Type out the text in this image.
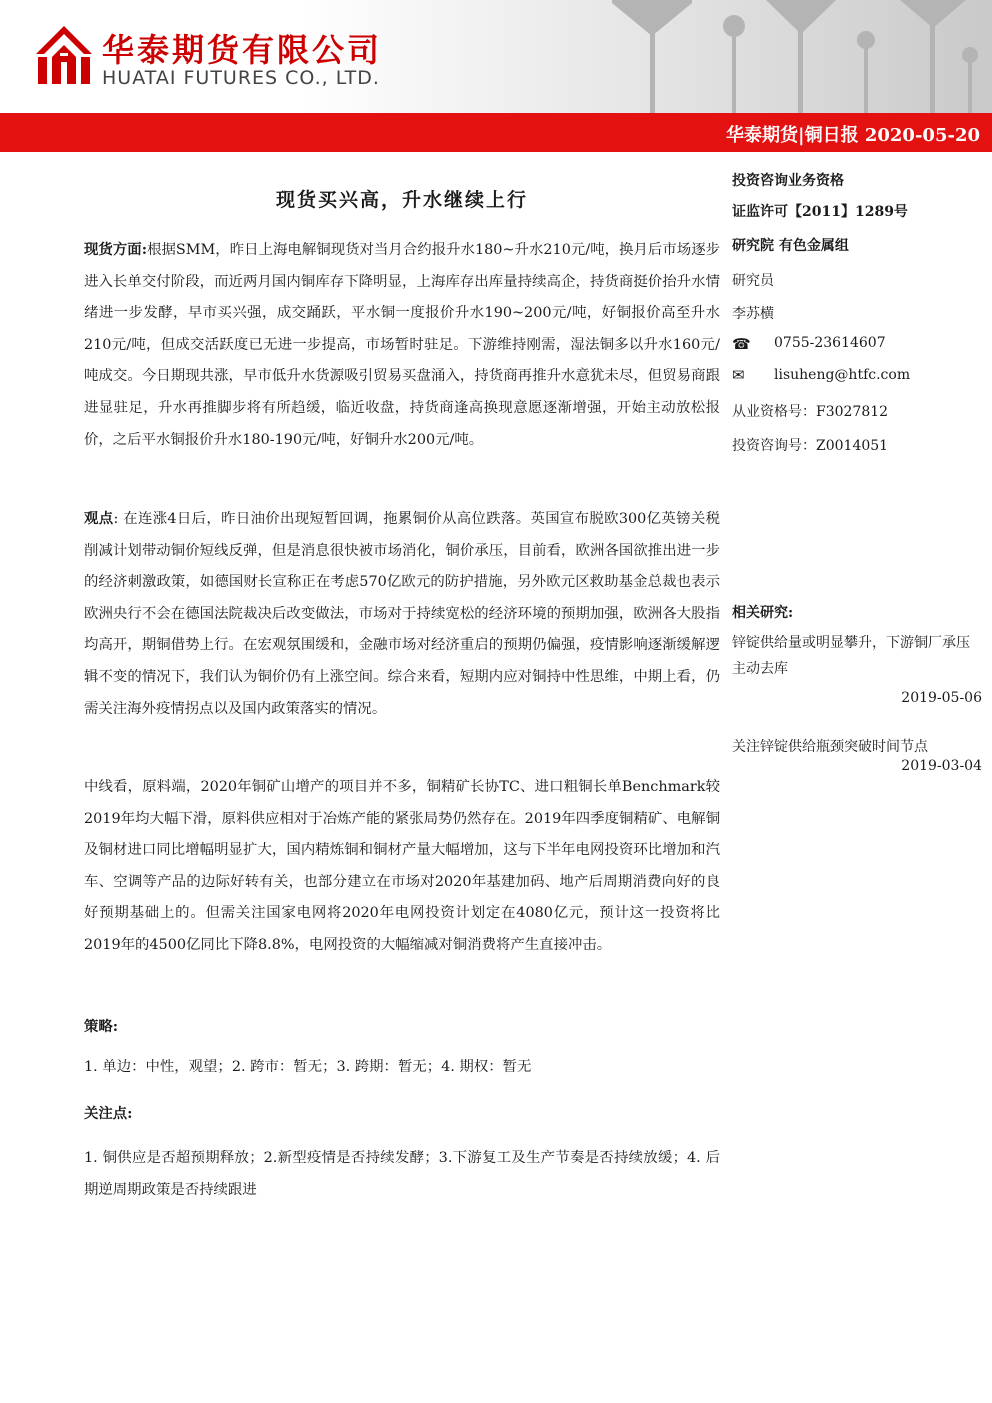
华泰期货有限公司
HUATAI FUTURES CO., LTD.
华泰期货|铜日报 2020-05-20
现货买兴高，升水继续上行

现货方面:根据SMM，昨日上海电解铜现货对当月合约报升水180~升水210元/吨，换月后市场逐步进入长单交付阶段，而近两月国内铜库存下降明显，上海库存出库量持续高企，持货商挺价抬升水情绪进一步发酵，早市买兴强，成交踊跃，平水铜一度报价升水190~200元/吨，好铜报价高至升水210元/吨，但成交活跃度已无进一步提高，市场暂时驻足。下游维持刚需，湿法铜多以升水160元/吨成交。今日期现共涨，早市低升水货源吸引贸易买盘涌入，持货商再推升水意犹未尽，但贸易商跟进显驻足，升水再推脚步将有所趋缓，临近收盘，持货商逢高换现意愿逐渐增强，开始主动放松报价，之后平水铜报价升水180-190元/吨，好铜升水200元/吨。

观点: 在连涨4日后，昨日油价出现短暂回调，拖累铜价从高位跌落。英国宣布脱欧300亿英镑关税削减计划带动铜价短线反弹，但是消息很快被市场消化，铜价承压，目前看，欧洲各国欲推出进一步的经济刺激政策，如德国财长宣称正在考虑570亿欧元的防护措施，另外欧元区救助基金总裁也表示欧洲央行不会在德国法院裁决后改变做法，市场对于持续宽松的经济环境的预期加强，欧洲各大股指均高开，期铜借势上行。在宏观氛围缓和，金融市场对经济重启的预期仍偏强，疫情影响逐渐缓解逻辑不变的情况下，我们认为铜价仍有上涨空间。综合来看，短期内应对铜持中性思维，中期上看，仍需关注海外疫情拐点以及国内政策落实的情况。

中线看，原料端，2020年铜矿山增产的项目并不多，铜精矿长协TC、进口粗铜长单Benchmark较2019年均大幅下滑，原料供应相对于冶炼产能的紧张局势仍然存在。2019年四季度铜精矿、电解铜及铜材进口同比增幅明显扩大，国内精炼铜和铜材产量大幅增加，这与下半年电网投资环比增加和汽车、空调等产品的边际好转有关，也部分建立在市场对2020年基建加码、地产后周期消费向好的良好预期基础上的。但需关注国家电网将2020年电网投资计划定在4080亿元，预计这一投资将比2019年的4500亿同比下降8.8%，电网投资的大幅缩减对铜消费将产生直接冲击。

策略:

1. 单边：中性，观望；2. 跨市：暂无；3. 跨期：暂无；4. 期权：暂无

关注点:

1. 铜供应是否超预期释放；2.新型疫情是否持续发酵；3.下游复工及生产节奏是否持续放缓；4. 后期逆周期政策是否持续跟进

投资咨询业务资格
证监许可【2011】1289号
研究院 有色金属组
研究员
李苏横
☎ 0755-23614607
✉ lisuheng@htfc.com
从业资格号：F3027812
投资咨询号：Z0014051
相关研究:
锌锭供给量或明显攀升，下游铜厂承压主动去库
2019-05-06
关注锌锭供给瓶颈突破时间节点
2019-03-04
